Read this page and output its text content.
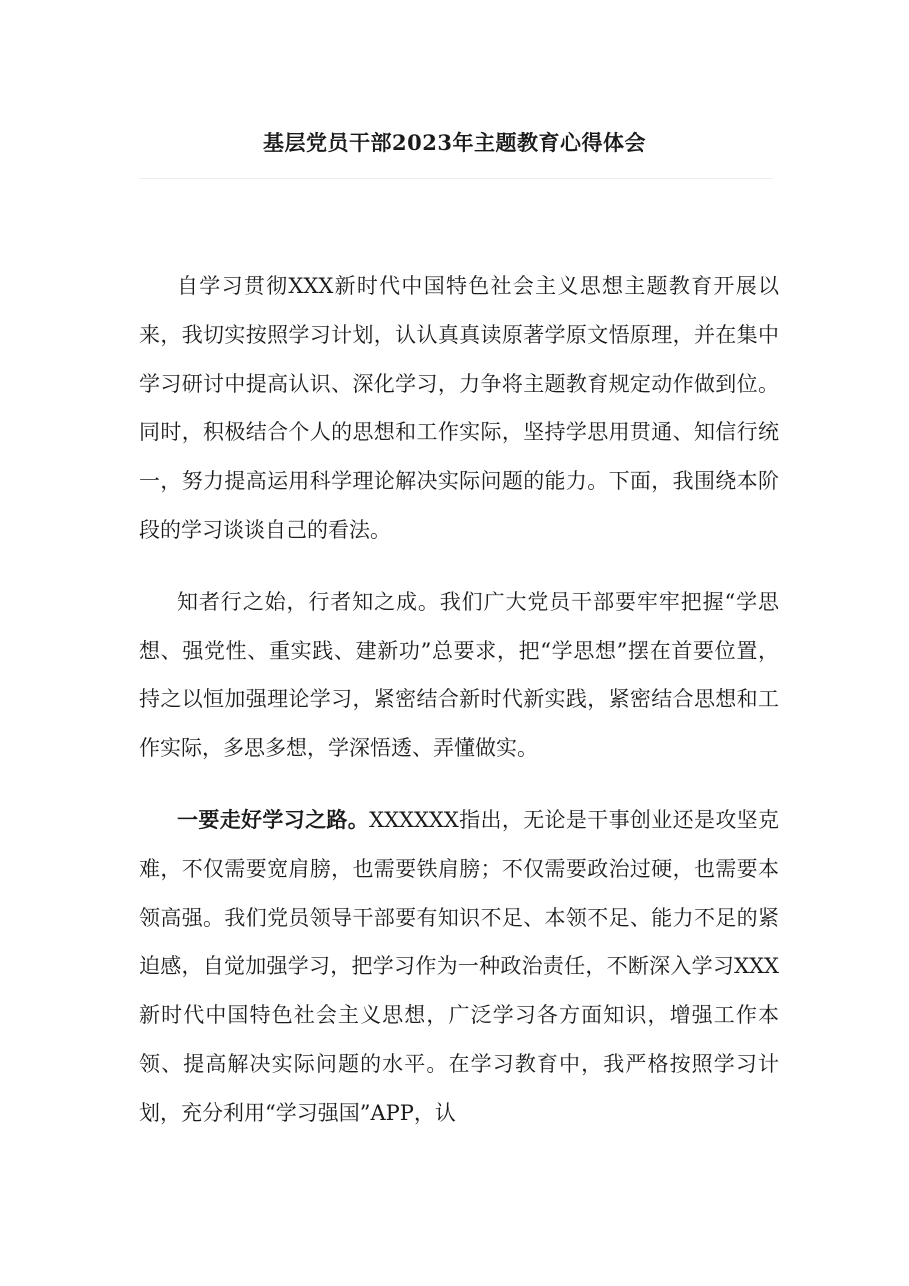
基层党员干部2023年主题教育心得体会

自学习贯彻XXX新时代中国特色社会主义思想主题教育开展以来，我切实按照学习计划，认认真真读原著学原文悟原理，并在集中学习研讨中提高认识、深化学习，力争将主题教育规定动作做到位。同时，积极结合个人的思想和工作实际，坚持学思用贯通、知信行统一，努力提高运用科学理论解决实际问题的能力。下面，我围绕本阶段的学习谈谈自己的看法。

知者行之始，行者知之成。我们广大党员干部要牢牢把握“学思想、强党性、重实践、建新功”总要求，把“学思想”摆在首要位置，持之以恒加强理论学习，紧密结合新时代新实践，紧密结合思想和工作实际，多思多想，学深悟透、弄懂做实。

一要走好学习之路。XXXXXX指出，无论是干事创业还是攻坚克难，不仅需要宽肩膀，也需要铁肩膀；不仅需要政治过硬，也需要本领高强。我们党员领导干部要有知识不足、本领不足、能力不足的紧迫感，自觉加强学习，把学习作为一种政治责任，不断深入学习XXX新时代中国特色社会主义思想，广泛学习各方面知识，增强工作本领、提高解决实际问题的水平。在学习教育中，我严格按照学习计划，充分利用“学习强国”APP，认
